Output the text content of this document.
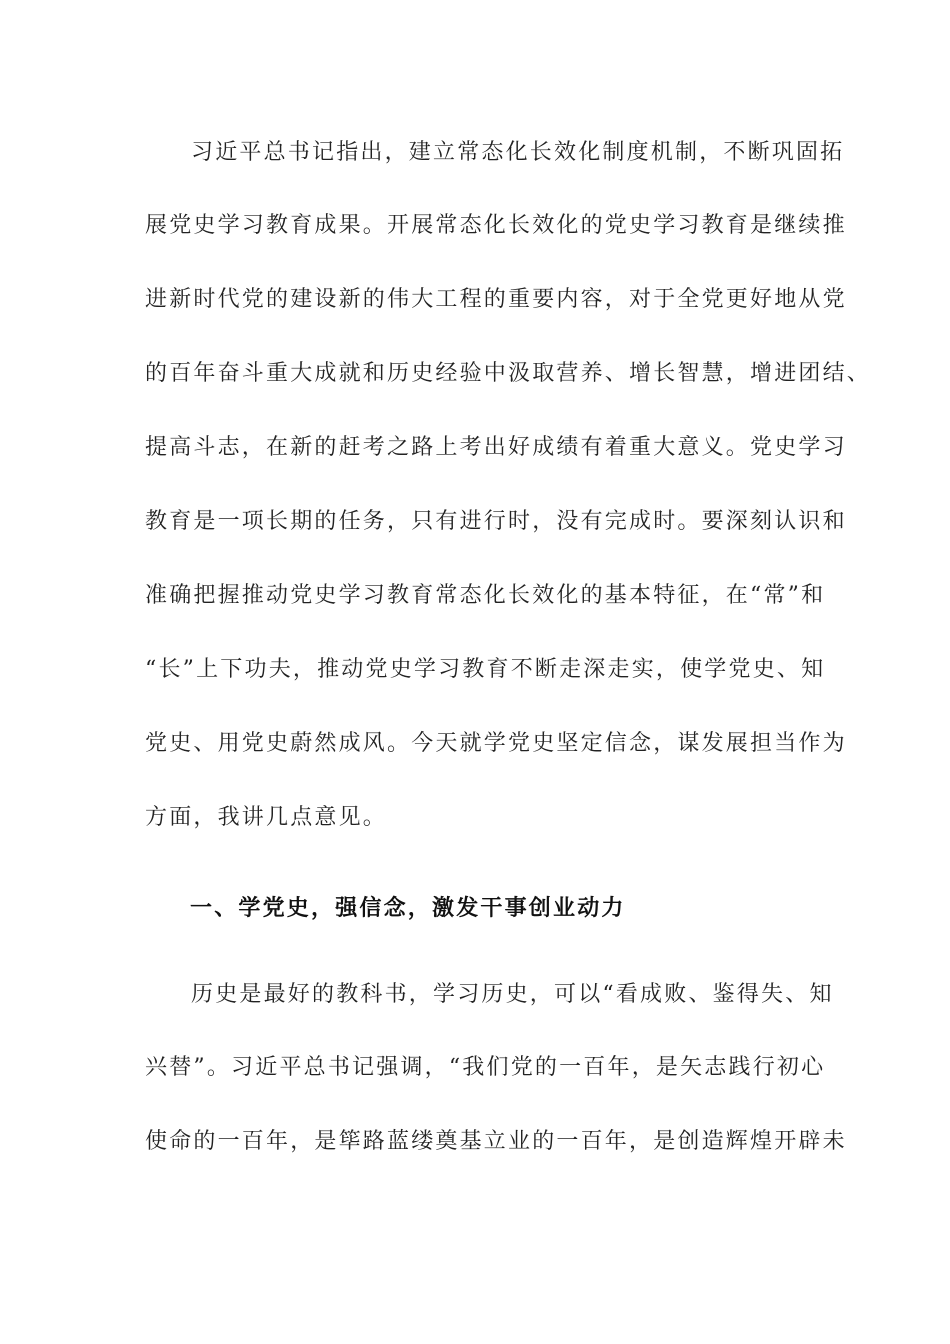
习近平总书记指出，建立常态化长效化制度机制，不断巩固拓
展党史学习教育成果。开展常态化长效化的党史学习教育是继续推
进新时代党的建设新的伟大工程的重要内容，对于全党更好地从党
的百年奋斗重大成就和历史经验中汲取营养、增长智慧，增进团结、
提高斗志，在新的赶考之路上考出好成绩有着重大意义。党史学习
教育是一项长期的任务，只有进行时，没有完成时。要深刻认识和
准确把握推动党史学习教育常态化长效化的基本特征，在“常”和
“长”上下功夫，推动党史学习教育不断走深走实，使学党史、知
党史、用党史蔚然成风。今天就学党史坚定信念，谋发展担当作为
方面，我讲几点意见。
一、学党史，强信念，激发干事创业动力
历史是最好的教科书，学习历史，可以“看成败、鉴得失、知
兴替”。习近平总书记强调，“我们党的一百年，是矢志践行初心
使命的一百年，是筚路蓝缕奠基立业的一百年，是创造辉煌开辟未
